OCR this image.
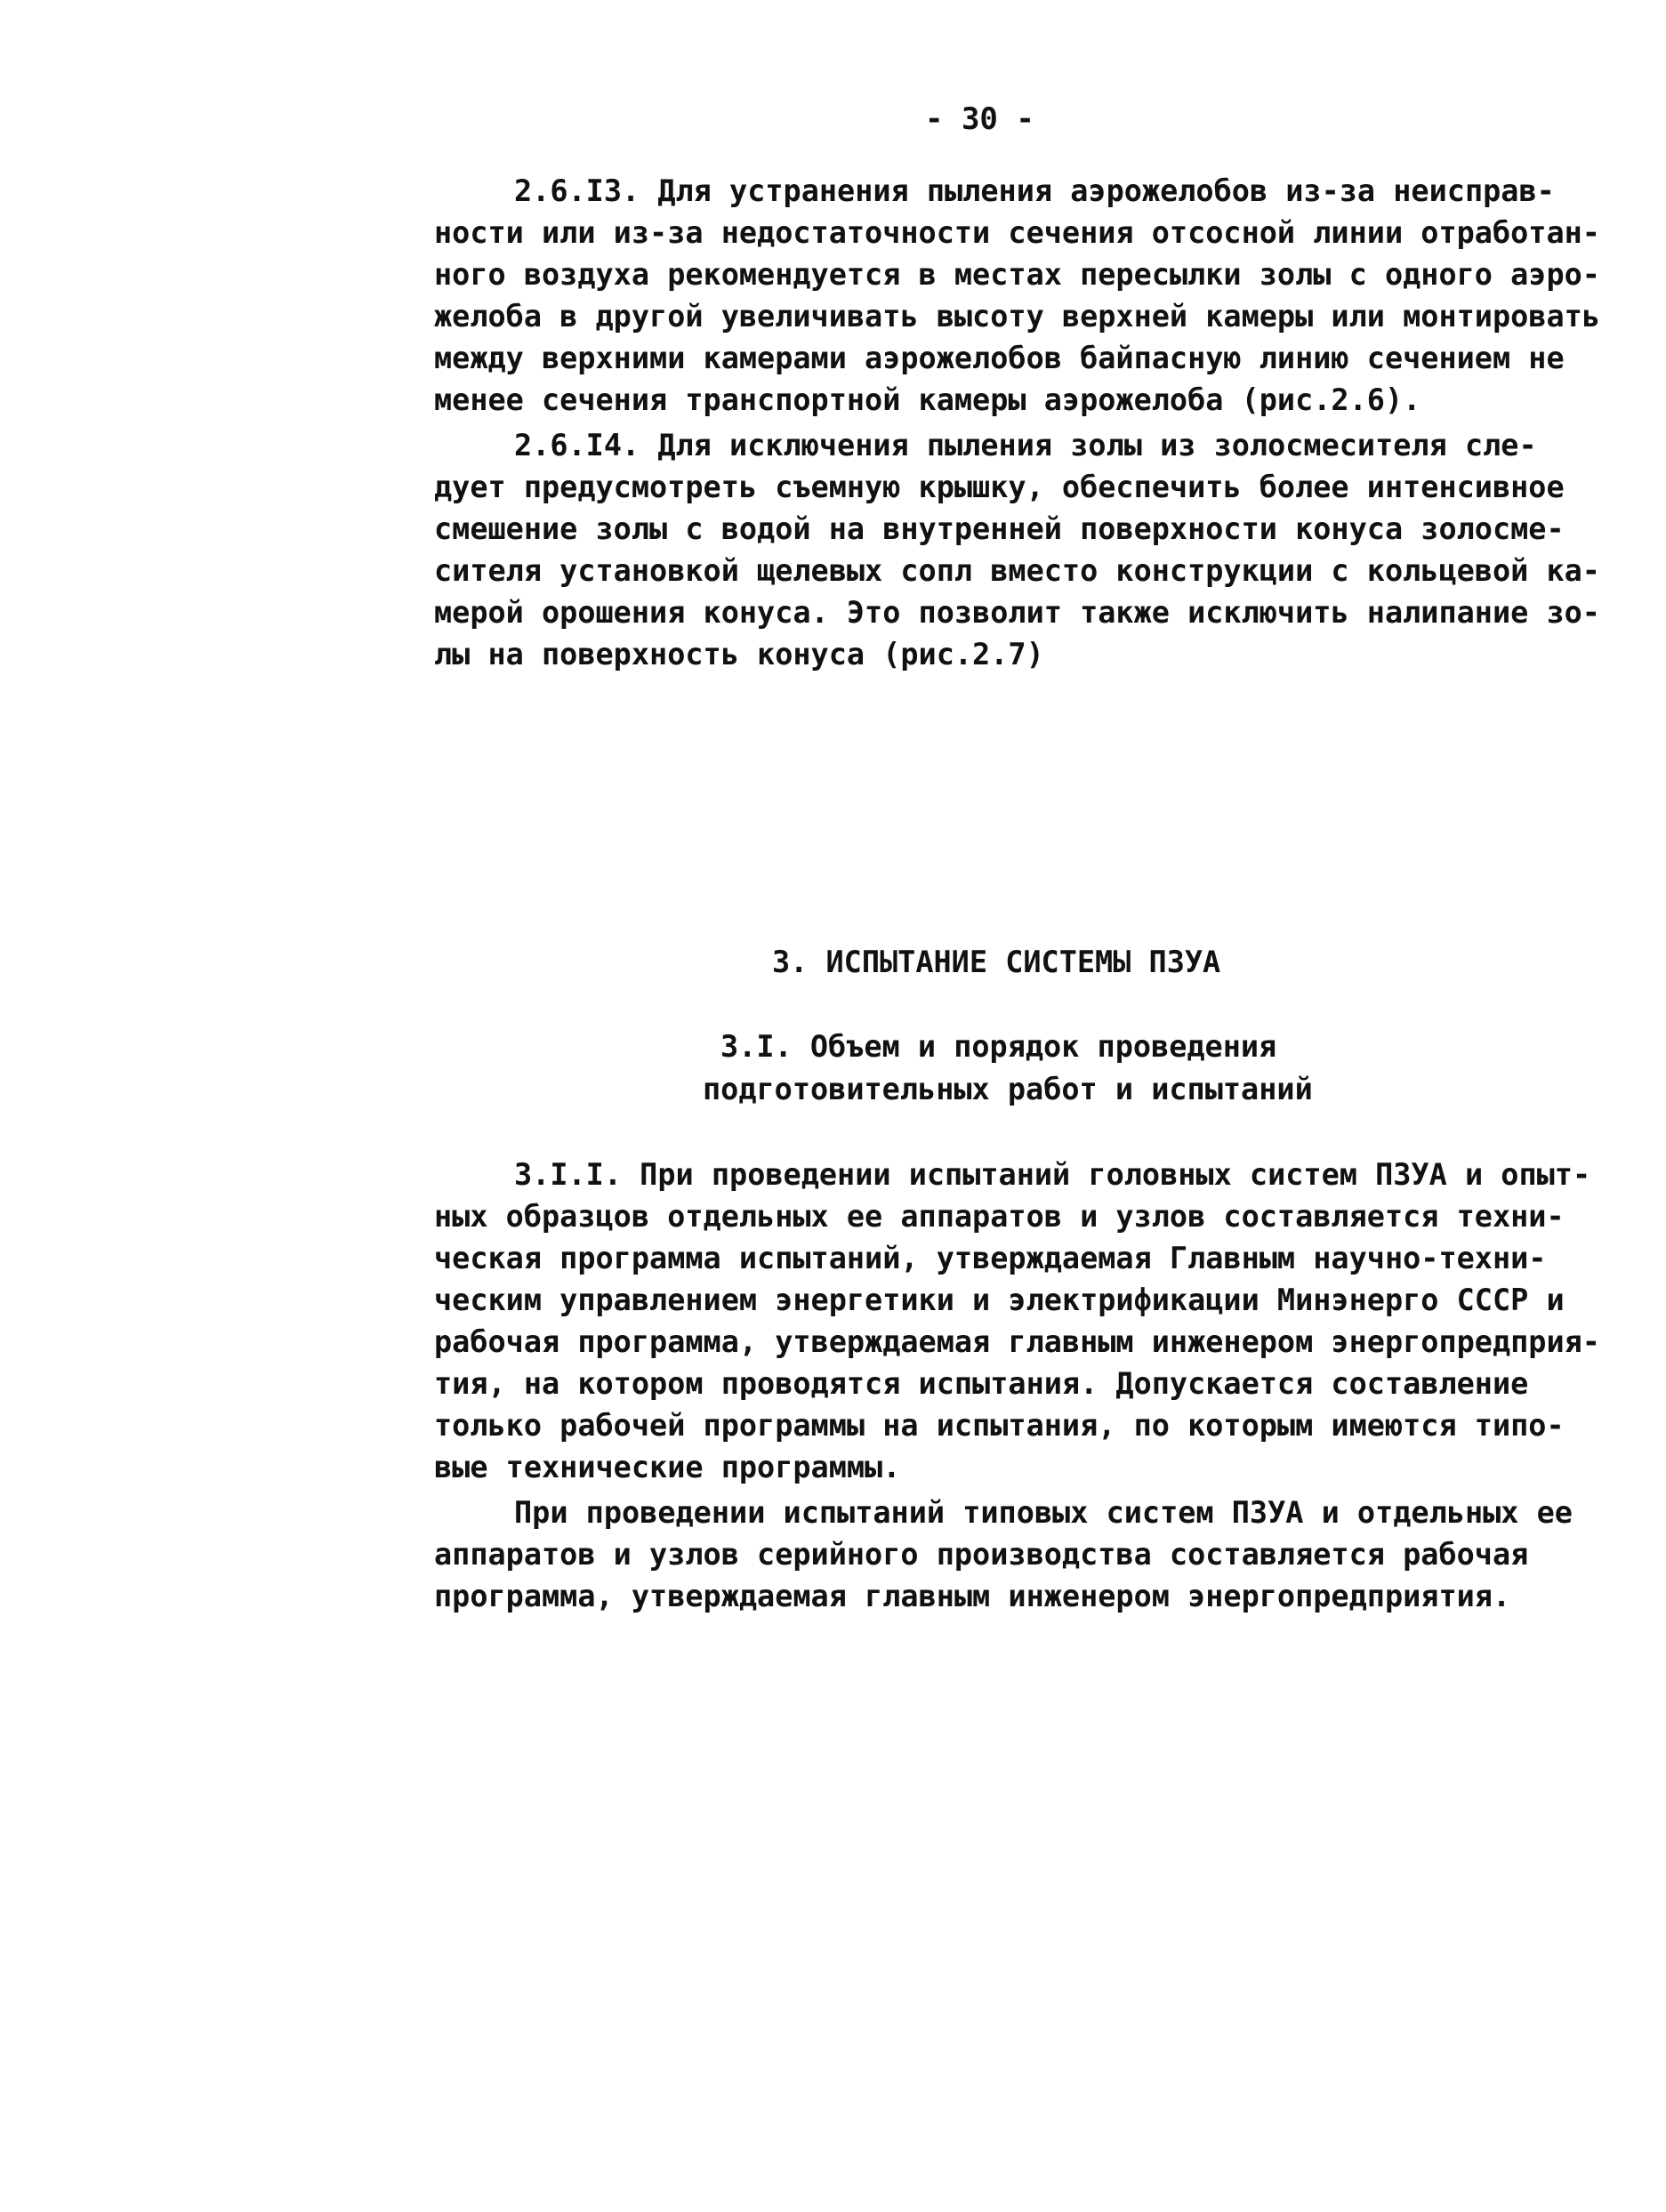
- 30 -
2.6.I3. Для устранения пыления аэрожелобов из-за неисправ-
ности или из-за недостаточности сечения отсосной линии отработан-
ного воздуха рекомендуется в местах пересылки золы с одного аэро-
желоба в другой увеличивать высоту верхней камеры или монтировать
между верхними камерами аэрожелобов байпасную линию сечением не
менее сечения транспортной камеры аэрожелоба (рис.2.6).
2.6.I4. Для исключения пыления золы из золосмесителя сле-
дует предусмотреть съемную крышку, обеспечить более интенсивное
смешение золы с водой на внутренней поверхности конуса золосме-
сителя установкой щелевых сопл вместо конструкции с кольцевой ка-
мерой орошения конуса. Это позволит также исключить налипание зо-
лы на поверхность конуса (рис.2.7)
3. ИСПЫТАНИЕ СИСТЕМЫ ПЗУА
3.I. Объем и порядок проведения
подготовительных работ и испытаний
3.I.I. При проведении испытаний головных систем ПЗУА и опыт-
ных образцов отдельных ее аппаратов и узлов составляется техни-
ческая программа испытаний, утверждаемая Главным научно-техни-
ческим управлением энергетики и электрификации Минэнерго СССР и
рабочая программа, утверждаемая главным инженером энергопредприя-
тия, на котором проводятся испытания. Допускается составление
только рабочей программы на испытания, по которым имеются типо-
вые технические программы.
При проведении испытаний типовых систем ПЗУА и отдельных ее
аппаратов и узлов серийного производства составляется рабочая
программа, утверждаемая главным инженером энергопредприятия.
